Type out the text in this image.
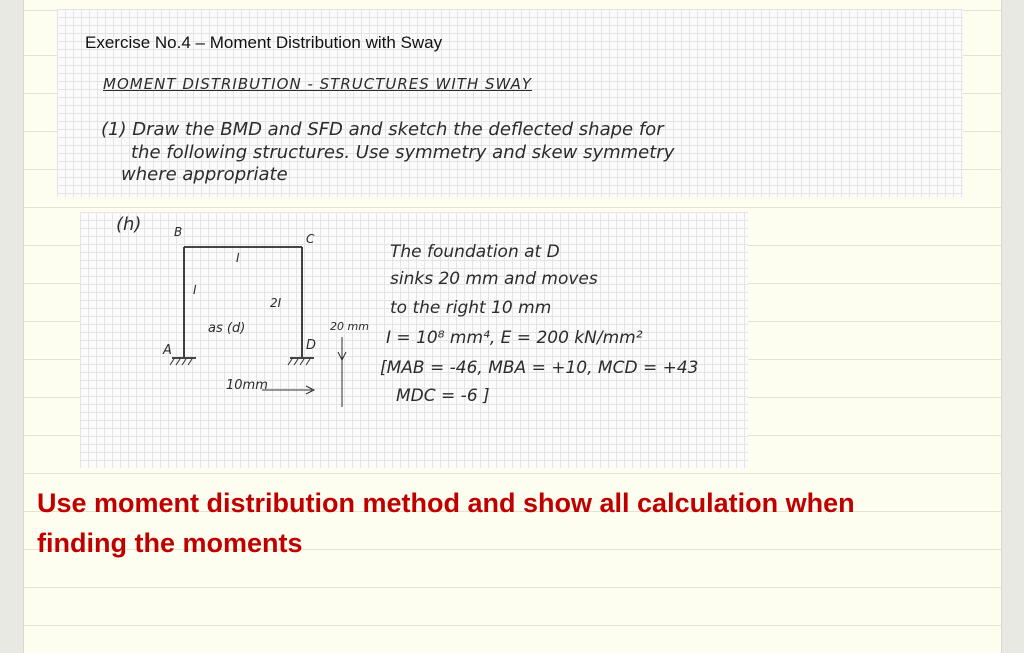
Exercise No.4 – Moment Distribution with Sway
MOMENT DISTRIBUTION - STRUCTURES WITH SWAY
(1) Draw the BMD and SFD and sketch the deflected shape for
the following structures. Use symmetry and skew symmetry
where appropriate
(h)	B	C
A	D
I
I
2I
as (d)	20 mm
10mm
The foundation at D
sinks 20 mm and moves
to the right 10 mm
I = 10⁸ mm⁴, E = 200 kN/mm²
[MAB = -46, MBA = +10, MCD = +43
MDC = -6 ]
Use moment distribution method and show all calculation when finding the moments
